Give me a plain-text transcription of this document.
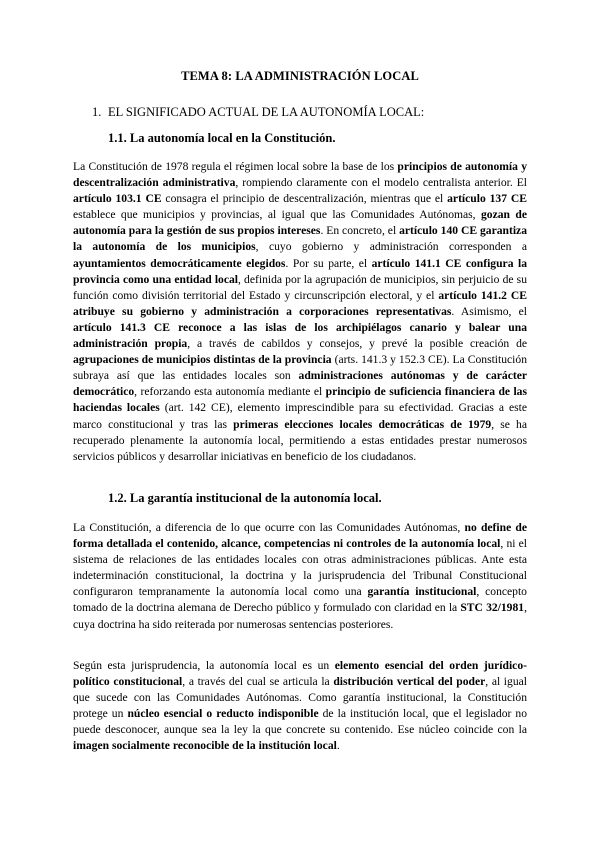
TEMA 8: LA ADMINISTRACIÓN LOCAL
1. EL SIGNIFICADO ACTUAL DE LA AUTONOMÍA LOCAL:
1.1. La autonomía local en la Constitución.
La Constitución de 1978 regula el régimen local sobre la base de los principios de autonomía y descentralización administrativa, rompiendo claramente con el modelo centralista anterior. El artículo 103.1 CE consagra el principio de descentralización, mientras que el artículo 137 CE establece que municipios y provincias, al igual que las Comunidades Autónomas, gozan de autonomía para la gestión de sus propios intereses. En concreto, el artículo 140 CE garantiza la autonomía de los municipios, cuyo gobierno y administración corresponden a ayuntamientos democráticamente elegidos. Por su parte, el artículo 141.1 CE configura la provincia como una entidad local, definida por la agrupación de municipios, sin perjuicio de su función como división territorial del Estado y circunscripción electoral, y el artículo 141.2 CE atribuye su gobierno y administración a corporaciones representativas. Asimismo, el artículo 141.3 CE reconoce a las islas de los archipiélagos canario y balear una administración propia, a través de cabildos y consejos, y prevé la posible creación de agrupaciones de municipios distintas de la provincia (arts. 141.3 y 152.3 CE). La Constitución subraya así que las entidades locales son administraciones autónomas y de carácter democrático, reforzando esta autonomía mediante el principio de suficiencia financiera de las haciendas locales (art. 142 CE), elemento imprescindible para su efectividad. Gracias a este marco constitucional y tras las primeras elecciones locales democráticas de 1979, se ha recuperado plenamente la autonomía local, permitiendo a estas entidades prestar numerosos servicios públicos y desarrollar iniciativas en beneficio de los ciudadanos.
1.2. La garantía institucional de la autonomía local.
La Constitución, a diferencia de lo que ocurre con las Comunidades Autónomas, no define de forma detallada el contenido, alcance, competencias ni controles de la autonomía local, ni el sistema de relaciones de las entidades locales con otras administraciones públicas. Ante esta indeterminación constitucional, la doctrina y la jurisprudencia del Tribunal Constitucional configuraron tempranamente la autonomía local como una garantía institucional, concepto tomado de la doctrina alemana de Derecho público y formulado con claridad en la STC 32/1981, cuya doctrina ha sido reiterada por numerosas sentencias posteriores.
Según esta jurisprudencia, la autonomía local es un elemento esencial del orden jurídico-político constitucional, a través del cual se articula la distribución vertical del poder, al igual que sucede con las Comunidades Autónomas. Como garantía institucional, la Constitución protege un núcleo esencial o reducto indisponible de la institución local, que el legislador no puede desconocer, aunque sea la ley la que concrete su contenido. Ese núcleo coincide con la imagen socialmente reconocible de la institución local.
